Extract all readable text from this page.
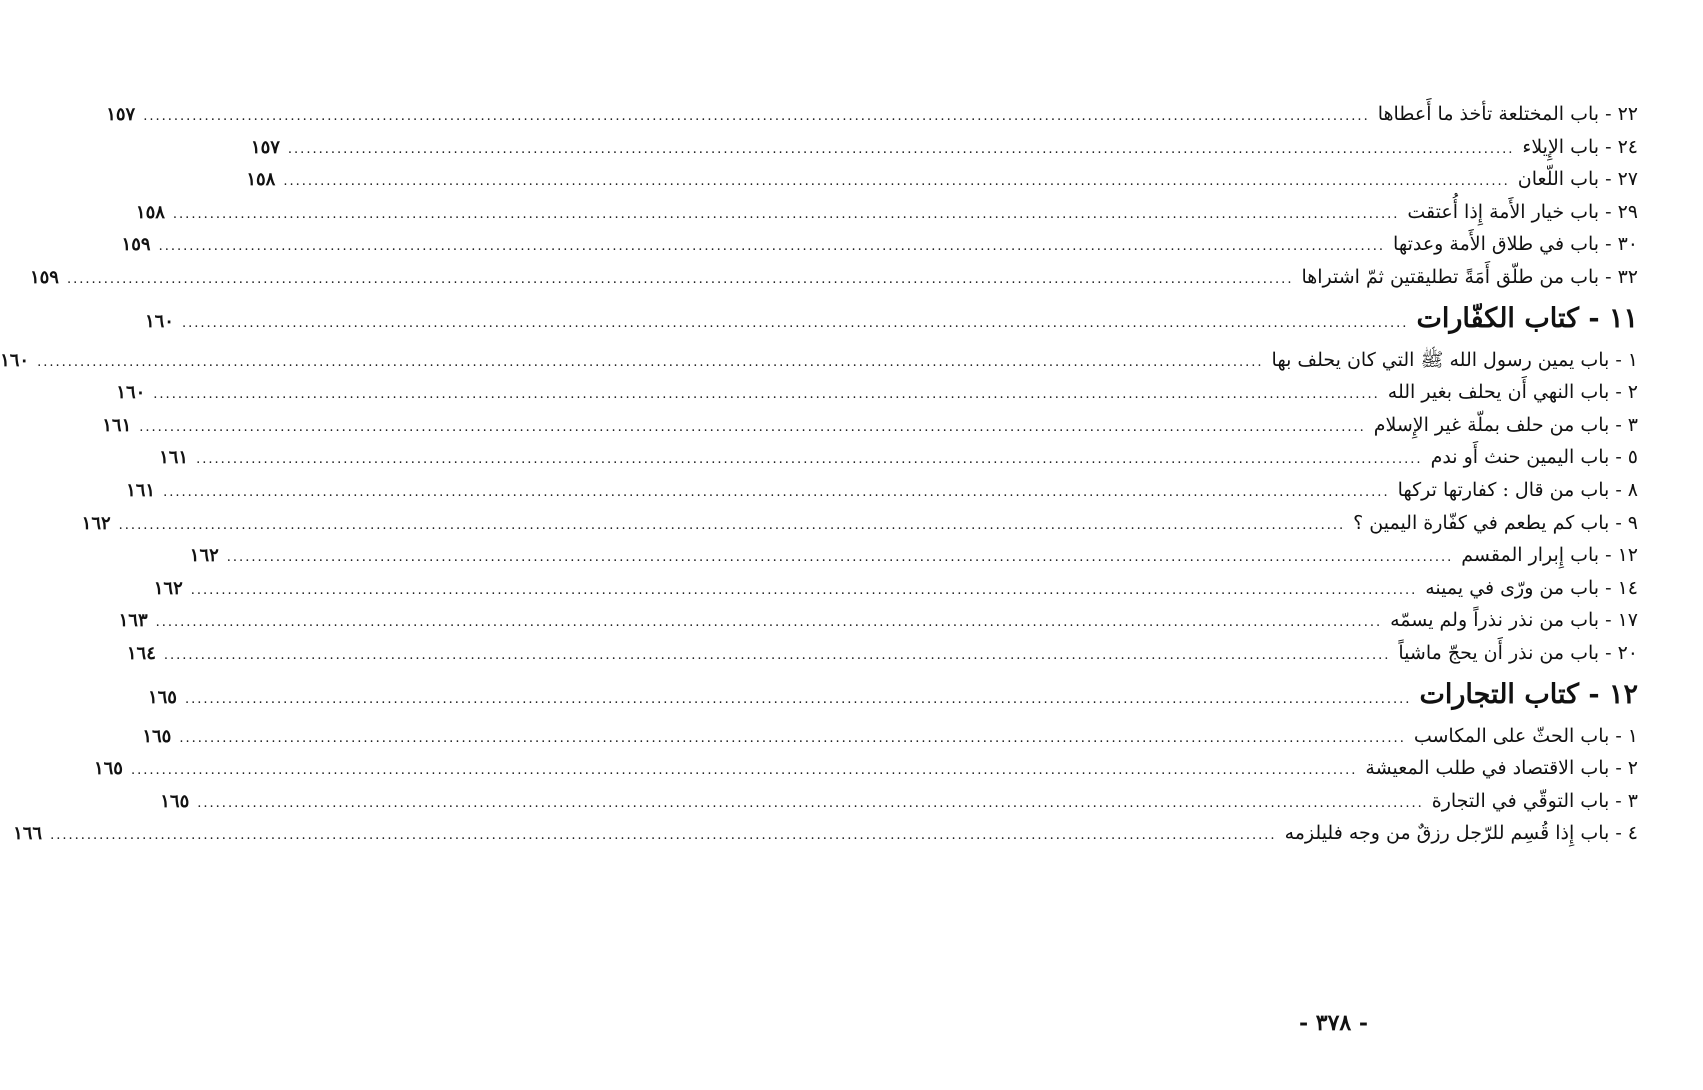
٢٢ - باب المختلعة تأخذ ما أَعطاها
........................................................................................................................................................................................................
١٥٧
٢٤ - باب الإِيلاء
........................................................................................................................................................................................................
١٥٧
٢٧ - باب اللّعان
........................................................................................................................................................................................................
١٥٨
٢٩ - باب خيار الأَمة إِذا أُعتقت
........................................................................................................................................................................................................
١٥٨
٣٠ - باب في طلاق الأَمة وعدتها
........................................................................................................................................................................................................
١٥٩
٣٢ - باب من طلّق أَمَةً تطليقتين ثمّ اشتراها
........................................................................................................................................................................................................
١٥٩
١١ - كتاب الكفّارات
........................................................................................................................................................................................................
١٦٠
١ - باب يمين رسول الله ﷺ التي كان يحلف بها
........................................................................................................................................................................................................
١٦٠
٢ - باب النهي أَن يحلف بغير الله
........................................................................................................................................................................................................
١٦٠
٣ - باب من حلف بملّة غير الإِسلام
........................................................................................................................................................................................................
١٦١
٥ - باب اليمين حنث أَو ندم
........................................................................................................................................................................................................
١٦١
٨ - باب من قال : كفارتها تركها
........................................................................................................................................................................................................
١٦١
٩ - باب كم يطعم في كفّارة اليمين ؟
........................................................................................................................................................................................................
١٦٢
١٢ - باب إِبرار المقسم
........................................................................................................................................................................................................
١٦٢
١٤ - باب من ورّى في يمينه
........................................................................................................................................................................................................
١٦٢
١٧ - باب من نذر نذراً ولم يسمّه
........................................................................................................................................................................................................
١٦٣
٢٠ - باب من نذر أَن يحجّ ماشياً
........................................................................................................................................................................................................
١٦٤
١٢ - كتاب التجارات
........................................................................................................................................................................................................
١٦٥
١ - باب الحثّ على المكاسب
........................................................................................................................................................................................................
١٦٥
٢ - باب الاقتصاد في طلب المعيشة
........................................................................................................................................................................................................
١٦٥
٣ - باب التوقّي في التجارة
........................................................................................................................................................................................................
١٦٥
٤ - باب إِذا قُسِم للرّجل رزقٌ من وجه فليلزمه
........................................................................................................................................................................................................
١٦٦
- ٣٧٨ -
